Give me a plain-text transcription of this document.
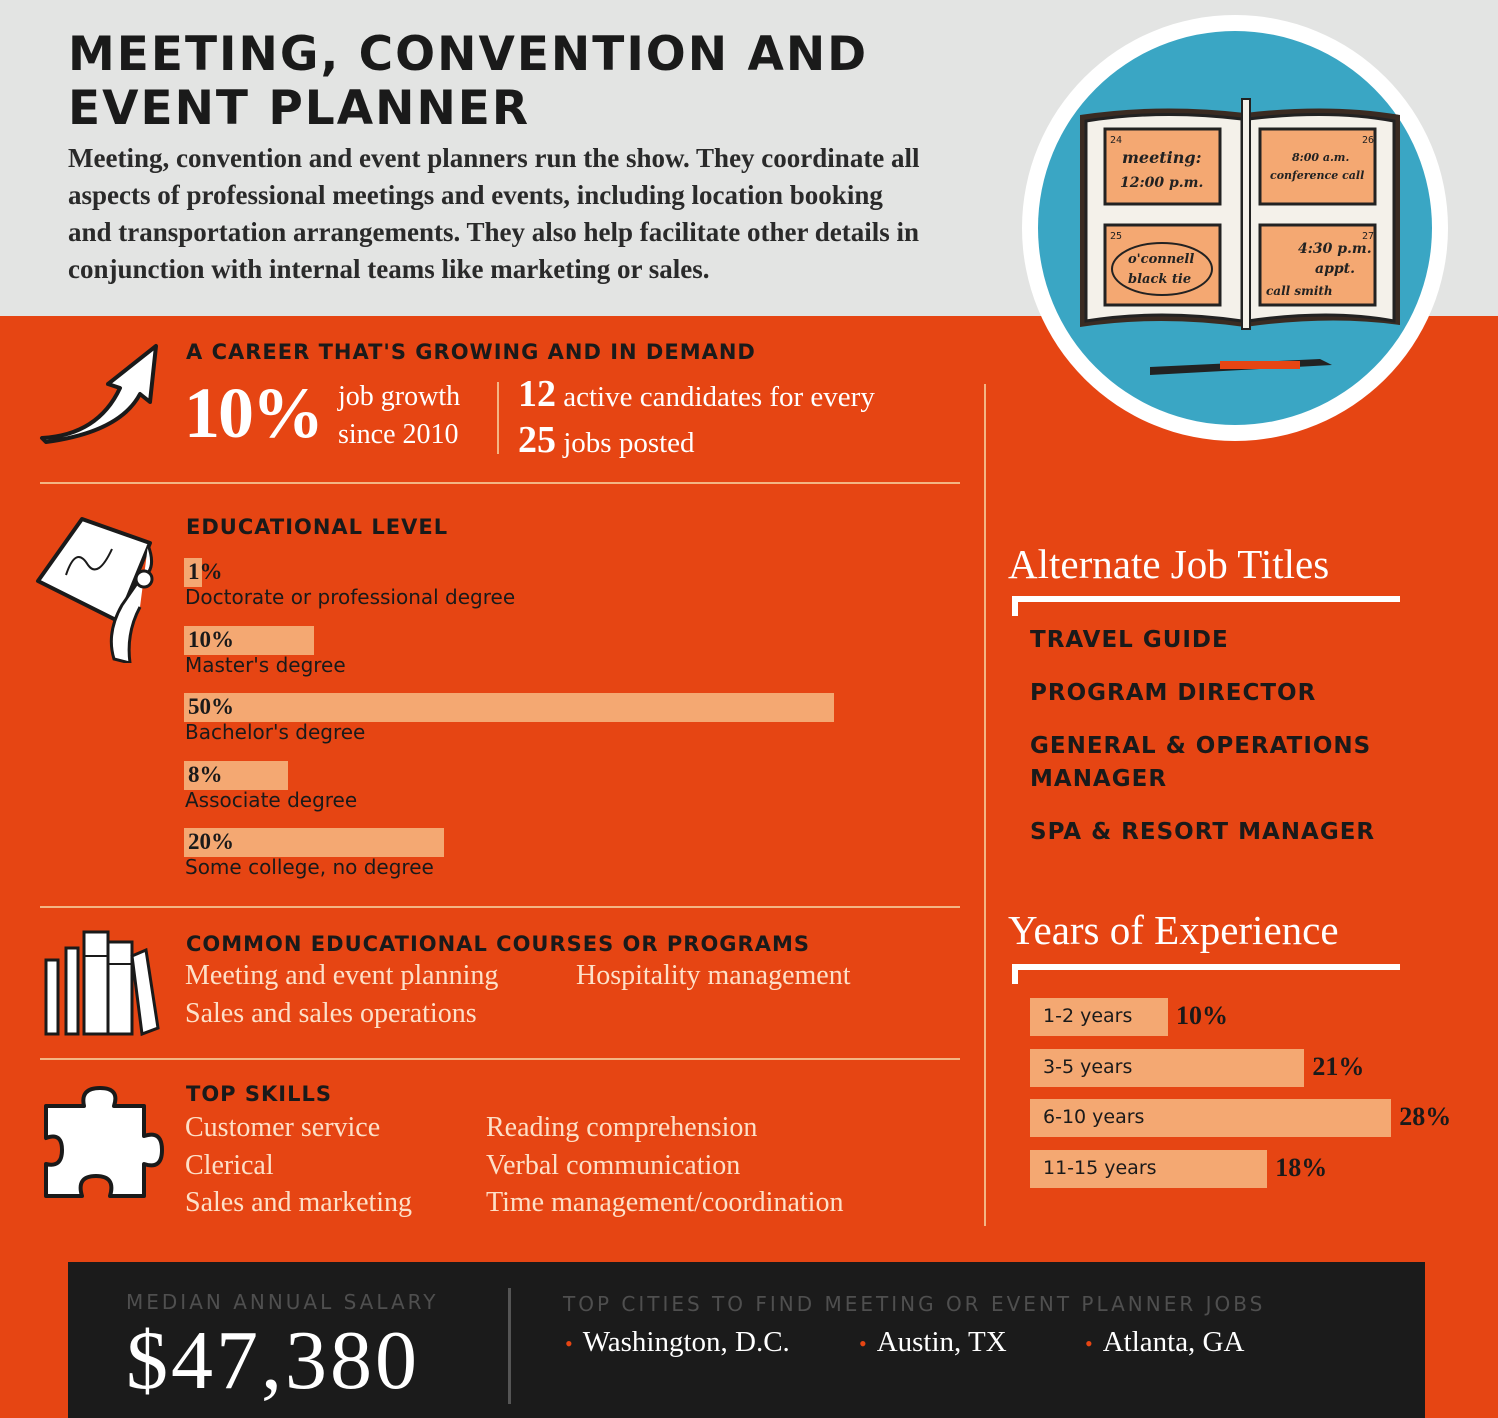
MEETING, CONVENTION AND
EVENT PLANNER

Meeting, convention and event planners run the show. They coordinate all
aspects of professional meetings and events, including location booking
and transportation arrangements. They also help facilitate other details in
conjunction with internal teams like marketing or sales.

24
meeting:
12:00 p.m.
26
8:00 a.m.
conference call
25
o'connell
black tie
27
4:30 p.m.
appt.
call smith
A CAREER THAT'S GROWING AND IN DEMAND
10% job growth
since 2010
12 active candidates for every
25 jobs posted
EDUCATIONAL LEVEL
1%
Doctorate or professional degree
10%
Master's degree
50%
Bachelor's degree
8%
Associate degree
20%
Some college, no degree
COMMON EDUCATIONAL COURSES OR PROGRAMS
Meeting and event planning	Hospitality management
Sales and sales operations
TOP SKILLS
Customer service
Clerical
Sales and marketing
Reading comprehension
Verbal communication
Time management/coordination
Alternate Job Titles
TRAVEL GUIDE
PROGRAM DIRECTOR
GENERAL & OPERATIONS MANAGER
SPA & RESORT MANAGER
Years of Experience
1-2 years 10%
3-5 years	21%
6-10 years	28%
11-15 years	18%
MEDIAN ANNUAL SALARY
$47,380
TOP CITIES TO FIND MEETING OR EVENT PLANNER JOBS
• Washington, D.C.	• Austin, TX	• Atlanta, GA
